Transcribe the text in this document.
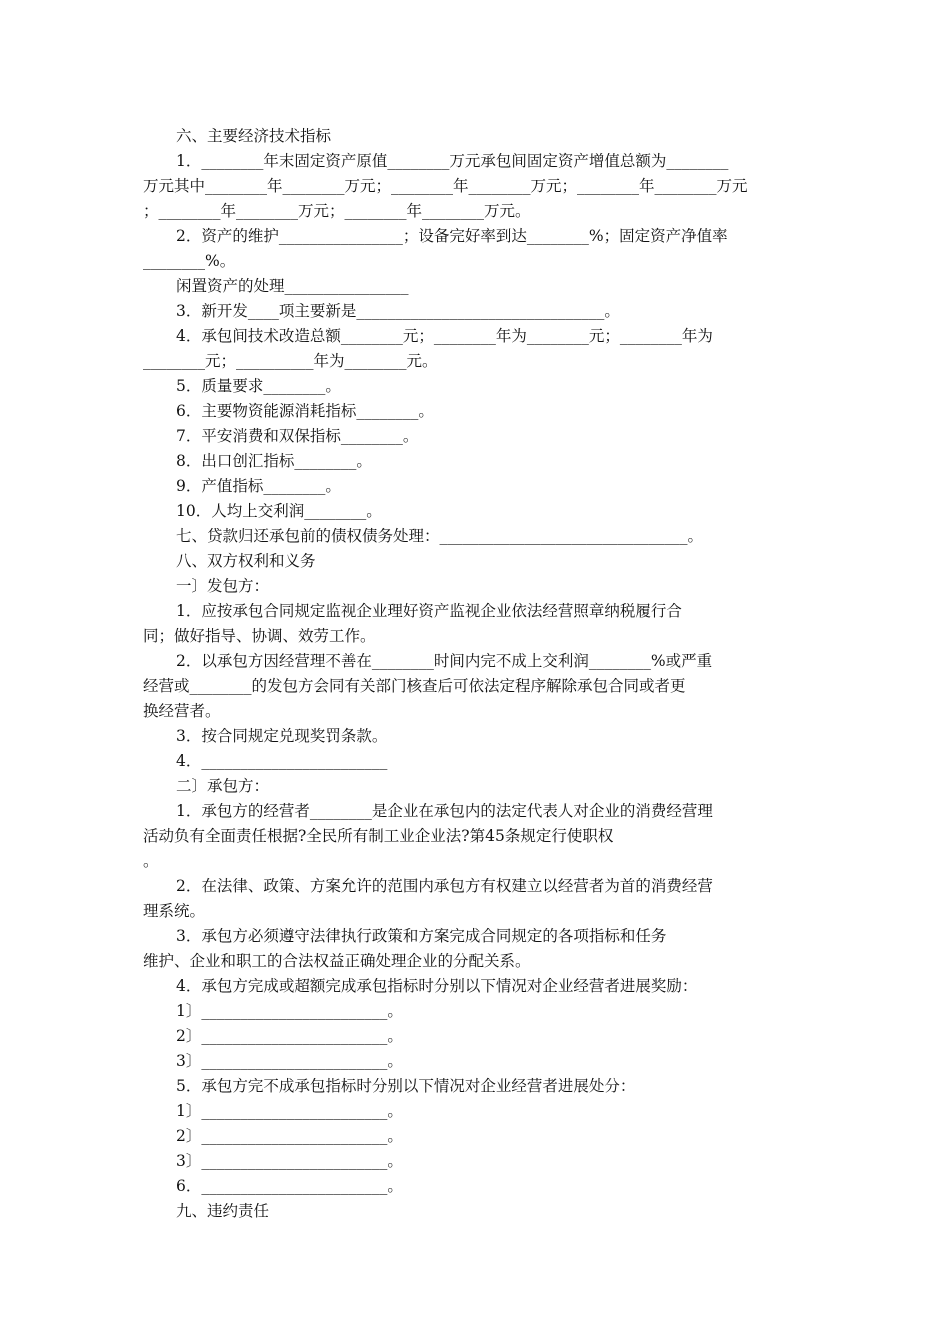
六、主要经济技术指标

1．________年末固定资产原值________万元承包间固定资产增值总额为________

万元其中________年________万元；________年________万元；________年________万元

；________年________万元；________年________万元。

2．资产的维护________________；设备完好率到达________%；固定资产净值率

________%。

闲置资产的处理________________

3．新开发____项主要新是________________________________。

4．承包间技术改造总额________元；________年为________元；________年为

________元；__________年为________元。

5．质量要求________。

6．主要物资能源消耗指标________。

7．平安消费和双保指标________。

8．出口创汇指标________。

9．产值指标________。

10．人均上交利润________。

七、贷款归还承包前的债权债务处理：________________________________。

八、双方权利和义务

一〕发包方：

1．应按承包合同规定监视企业理好资产监视企业依法经营照章纳税履行合

同；做好指导、协调、效劳工作。

2．以承包方因经营理不善在________时间内完不成上交利润________%或严重

经营或________的发包方会同有关部门核查后可依法定程序解除承包合同或者更

换经营者。

3．按合同规定兑现奖罚条款。

4．________________________

二〕承包方：

1．承包方的经营者________是企业在承包内的法定代表人对企业的消费经营理

活动负有全面责任根据?全民所有制工业企业法?第45条规定行使职权

。

2．在法律、政策、方案允许的范围内承包方有权建立以经营者为首的消费经营

理系统。

3．承包方必须遵守法律执行政策和方案完成合同规定的各项指标和任务

维护、企业和职工的合法权益正确处理企业的分配关系。

4．承包方完成或超额完成承包指标时分别以下情况对企业经营者进展奖励：

1〕________________________。

2〕________________________。

3〕________________________。

5．承包方完不成承包指标时分别以下情况对企业经营者进展处分：

1〕________________________。

2〕________________________。

3〕________________________。

6．________________________。

九、违约责任
